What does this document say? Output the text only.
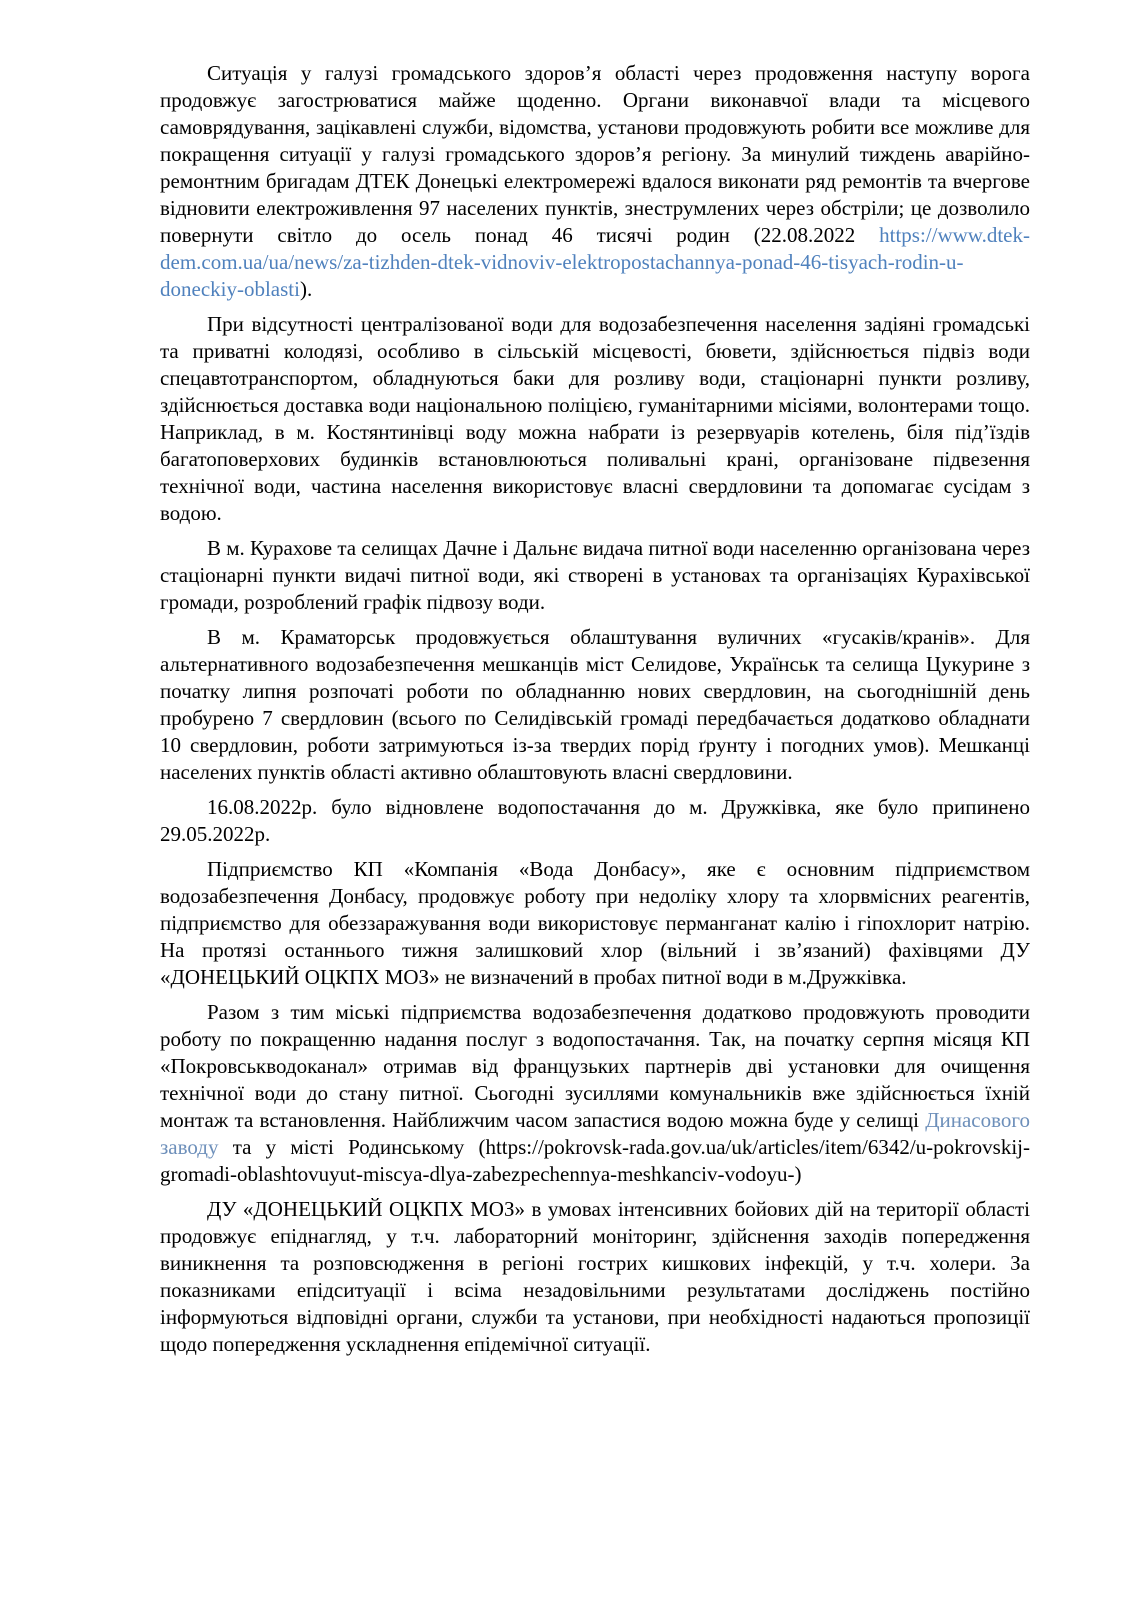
Ситуація у галузі громадського здоров’я області через продовження наступу ворога продовжує загострюватися майже щоденно. Органи виконавчої влади та місцевого самоврядування, зацікавлені служби, відомства, установи продовжують робити все можливе для покращення ситуації у галузі громадського здоров’я регіону. За минулий тиждень аварійно-ремонтним бригадам ДТЕК Донецькі електромережі вдалося виконати ряд ремонтів та вчергове відновити електроживлення 97 населених пунктів, знеструмлених через обстріли; це дозволило повернути світло до осель понад 46 тисячі родин (22.08.2022 https://www.dtek-dem.com.ua/ua/news/za-tizhden-dtek-vidnoviv-elektropostachannya-ponad-46-tisyach-rodin-u-doneckiy-oblasti).

При відсутності централізованої води для водозабезпечення населення задіяні громадські та приватні колодязі, особливо в сільській місцевості, бювети, здійснюється підвіз води спецавтотранспортом, обладнуються баки для розливу води, стаціонарні пункти розливу, здійснюється доставка води національною поліцією, гуманітарними місіями, волонтерами тощо. Наприклад, в м. Костянтинівці воду можна набрати із резервуарів котелень, біля під’їздів багатоповерхових будинків встановлюються поливальні крані, організоване підвезення технічної води, частина населення використовує власні свердловини та допомагає сусідам з водою.

В м. Курахове та селищах Дачне і Дальнє видача питної води населенню організована через стаціонарні пункти видачі питної води, які створені в установах та організаціях Курахівської громади, розроблений графік підвозу води.

В м. Краматорськ продовжується облаштування вуличних «гусаків/кранів». Для альтернативного водозабезпечення мешканців міст Селидове, Українськ та селища Цукурине з початку липня розпочаті роботи по обладнанню нових свердловин, на сьогоднішній день пробурено 7 свердловин (всього по Селидівській громаді передбачається додатково обладнати 10 свердловин, роботи затримуються із-за твердих порід ґрунту і погодних умов). Мешканці населених пунктів області активно облаштовують власні свердловини.

16.08.2022р. було відновлене водопостачання до м. Дружківка, яке було припинено 29.05.2022р.

Підприємство КП «Компанія «Вода Донбасу», яке є основним підприємством водозабезпечення Донбасу, продовжує роботу при недоліку хлору та хлорвмісних реагентів, підприємство для обеззаражування води використовує перманганат калію і гіпохлорит натрію. На протязі останнього тижня залишковий хлор (вільний і зв’язаний) фахівцями ДУ «ДОНЕЦЬКИЙ ОЦКПХ МОЗ» не визначений в пробах питної води в м.Дружківка.

Разом з тим міські підприємства водозабезпечення додатково продовжують проводити роботу по покращенню надання послуг з водопостачання. Так, на початку серпня місяця КП «Покровськводоканал» отримав від французьких партнерів дві установки для очищення технічної води до стану питної. Сьогодні зусиллями комунальників вже здійснюється їхній монтаж та встановлення. Найближчим часом запастися водою можна буде у селищі Динасового заводу та у місті Родинському (https://pokrovsk-rada.gov.ua/uk/articles/item/6342/u-pokrovskij-gromadi-oblashtovuyut-miscya-dlya-zabezpechennya-meshkanciv-vodoyu-)

ДУ «ДОНЕЦЬКИЙ ОЦКПХ МОЗ» в умовах інтенсивних бойових дій на території області продовжує епіднагляд, у т.ч. лабораторний моніторинг, здійснення заходів попередження виникнення та розповсюдження в регіоні гострих кишкових інфекцій, у т.ч. холери. За показниками епідситуації і всіма незадовільними результатами досліджень постійно інформуються відповідні органи, служби та установи, при необхідності надаються пропозиції щодо попередження ускладнення епідемічної ситуації.
